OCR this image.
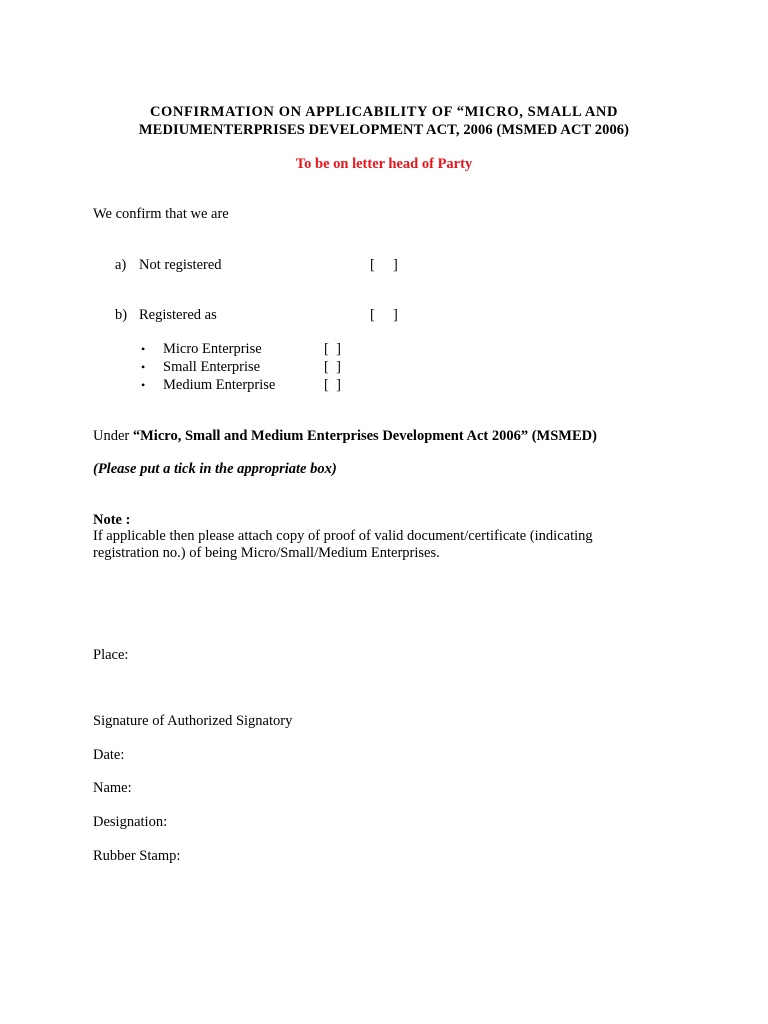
CONFIRMATION ON APPLICABILITY OF “MICRO, SMALL AND
MEDIUMENTERPRISES DEVELOPMENT ACT, 2006 (MSMED ACT 2006)
To be on letter head of Party
We confirm that we are
a) Not registered	[     ]
b) Registered as	[     ]
• Micro Enterprise	[  ]
• Small Enterprise	[  ]
• Medium Enterprise	[  ]
Under “Micro, Small and Medium Enterprises Development Act 2006” (MSMED)
(Please put a tick in the appropriate box)
Note :
If applicable then please attach copy of proof of valid document/certificate (indicating
registration no.) of being Micro/Small/Medium Enterprises.
Place:
Signature of Authorized Signatory
Date:
Name:
Designation:
Rubber Stamp:
